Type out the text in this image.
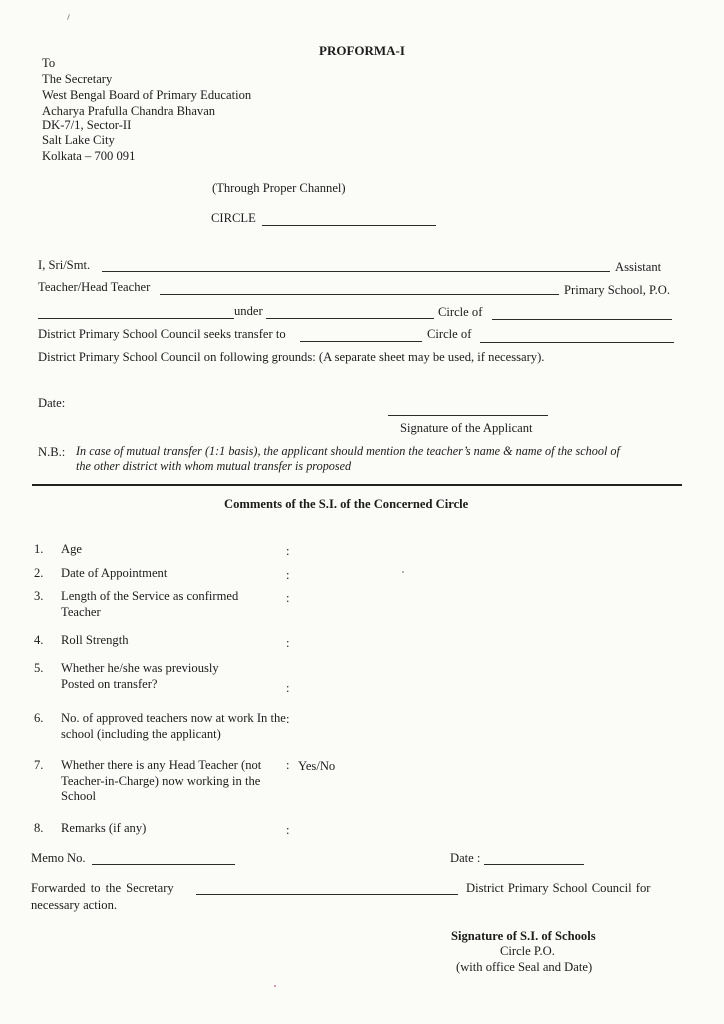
PROFORMA-I
To
The Secretary
West Bengal Board of Primary Education
Acharya Prafulla Chandra Bhavan
DK-7/1, Sector-II
Salt Lake City
Kolkata – 700 091
(Through Proper Channel)
CIRCLE
I, Sri/Smt.	Assistant
Teacher/Head Teacher	Primary School, P.O.
under	Circle of
District Primary School Council seeks transfer to	Circle of
District Primary School Council on following grounds: (A separate sheet may be used, if necessary).
Date:
Signature of the Applicant
N.B.: In case of mutual transfer (1:1 basis), the applicant should mention the teacher’s name & name of the school of
the other district with whom mutual transfer is proposed
Comments of the S.I. of the Concerned Circle
1. Age	:
2. Date of Appointment	:
3. Length of the Service as confirmed Teacher
:
4. Roll Strength	:
5. Whether he/she was previously Posted on transfer?	:
6. No. of approved teachers now at work In the school (including the applicant)
:
7. Whether there is any Head Teacher (not Teacher-in-Charge) now working in the School
: Yes/No
8. Remarks (if any)	:
Memo No.	Date :
Forwarded to the Secretary	District Primary School Council for
necessary action.
Signature of S.I. of Schools
Circle P.O.
(with office Seal and Date)
